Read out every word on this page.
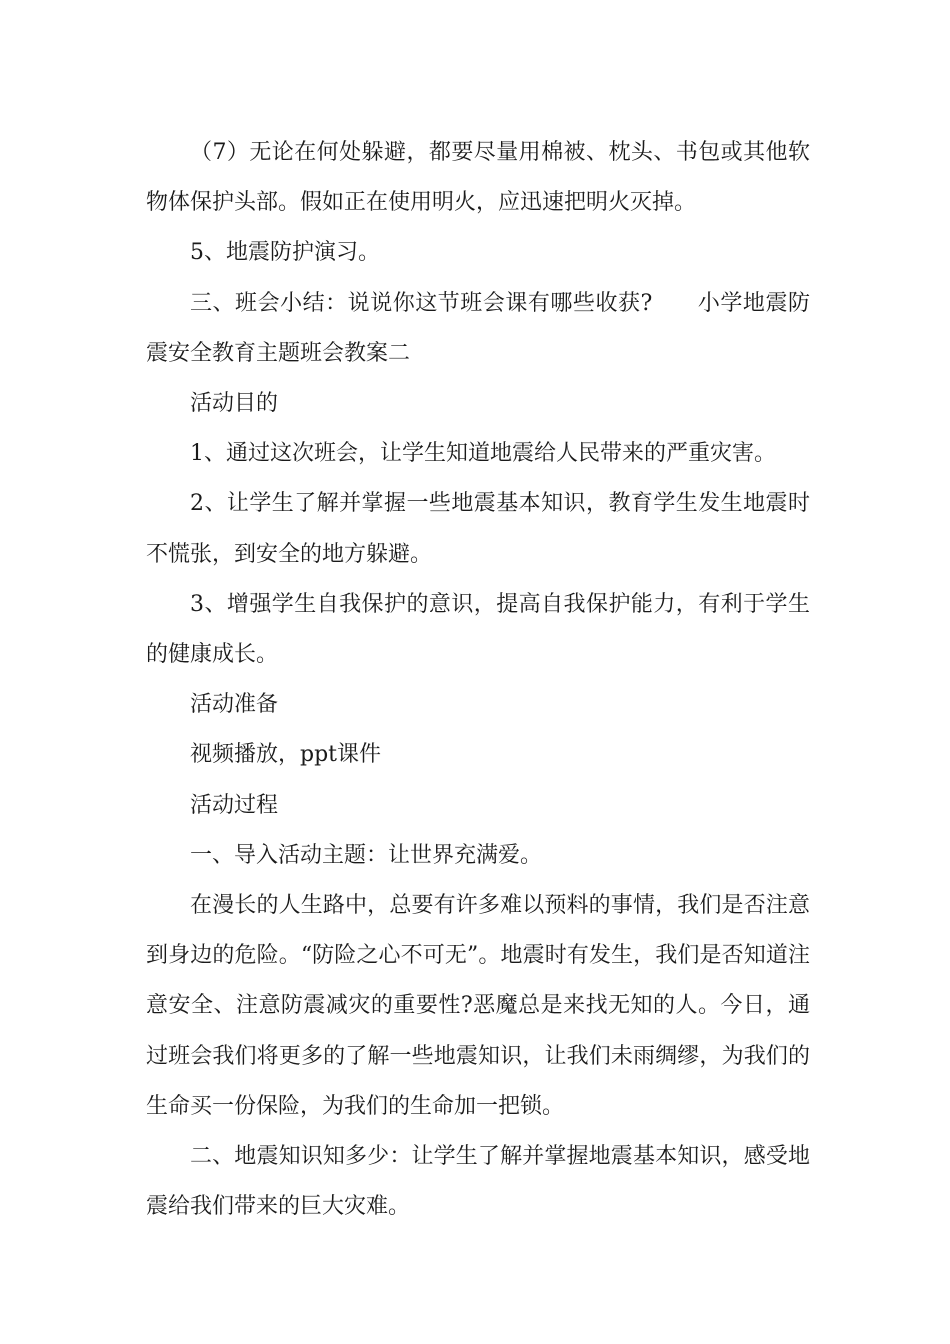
（7）无论在何处躲避，都要尽量用棉被、枕头、书包或其他软物体保护头部。假如正在使用明火，应迅速把明火灭掉。

5、地震防护演习。

三、班会小结：说说你这节班会课有哪些收获?　　小学地震防震安全教育主题班会教案二

活动目的

1、通过这次班会，让学生知道地震给人民带来的严重灾害。

2、让学生了解并掌握一些地震基本知识，教育学生发生地震时不慌张，到安全的地方躲避。

3、增强学生自我保护的意识，提高自我保护能力，有利于学生的健康成长。

活动准备

视频播放，ppt课件

活动过程

一、导入活动主题：让世界充满爱。

在漫长的人生路中，总要有许多难以预料的事情，我们是否注意到身边的危险。“防险之心不可无”。地震时有发生，我们是否知道注意安全、注意防震减灾的重要性?恶魔总是来找无知的人。今日，通过班会我们将更多的了解一些地震知识，让我们未雨绸缪，为我们的生命买一份保险，为我们的生命加一把锁。

二、地震知识知多少：让学生了解并掌握地震基本知识，感受地震给我们带来的巨大灾难。
